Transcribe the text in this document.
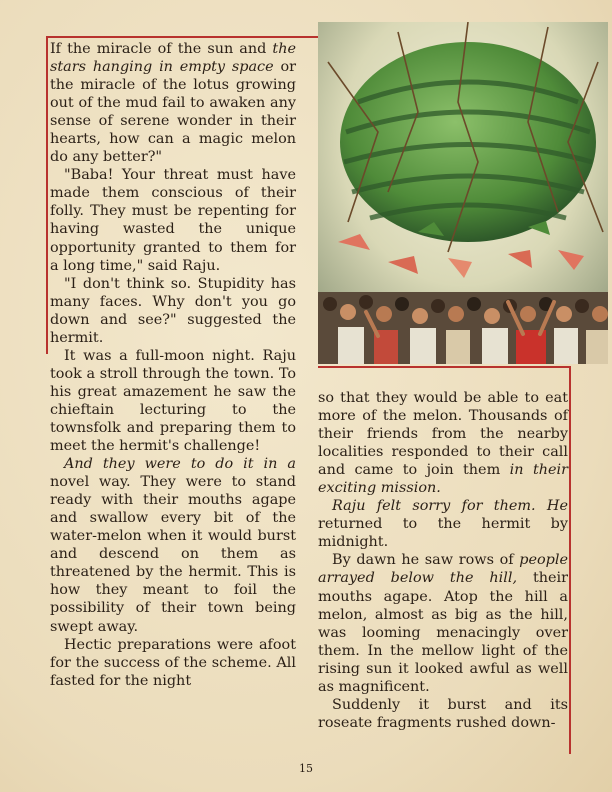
If the miracle of the sun and the stars hanging in empty space or the miracle of the lotus growing out of the mud fail to awaken any sense of serene wonder in their hearts, how can a magic melon do any better?"

"Baba! Your threat must have made them conscious of their folly. They must be repenting for having wasted the unique opportunity granted to them for a long time," said Raju.

"I don't think so. Stupidity has many faces. Why don't you go down and see?" suggested the hermit.

It was a full-moon night. Raju took a stroll through the town. To his great amazement he saw the chieftain lecturing to the townsfolk and preparing them to meet the hermit's challenge!

And they were to do it in a novel way. They were to stand ready with their mouths agape and swallow every bit of the water-melon when it would burst and descend on them as threatened by the hermit. This is how they meant to foil the possibility of their town being swept away.

Hectic preparations were afoot for the success of the scheme. All fasted for the night

so that they would be able to eat more of the melon. Thousands of their friends from the nearby localities responded to their call and came to join them in their exciting mission.

Raju felt sorry for them. He returned to the hermit by midnight.

By dawn he saw rows of people arrayed below the hill, their mouths agape. Atop the hill a melon, almost as big as the hill, was looming menacingly over them. In the mellow light of the rising sun it looked awful as well as magnificent.

Suddenly it burst and its roseate fragments rushed down-

15
